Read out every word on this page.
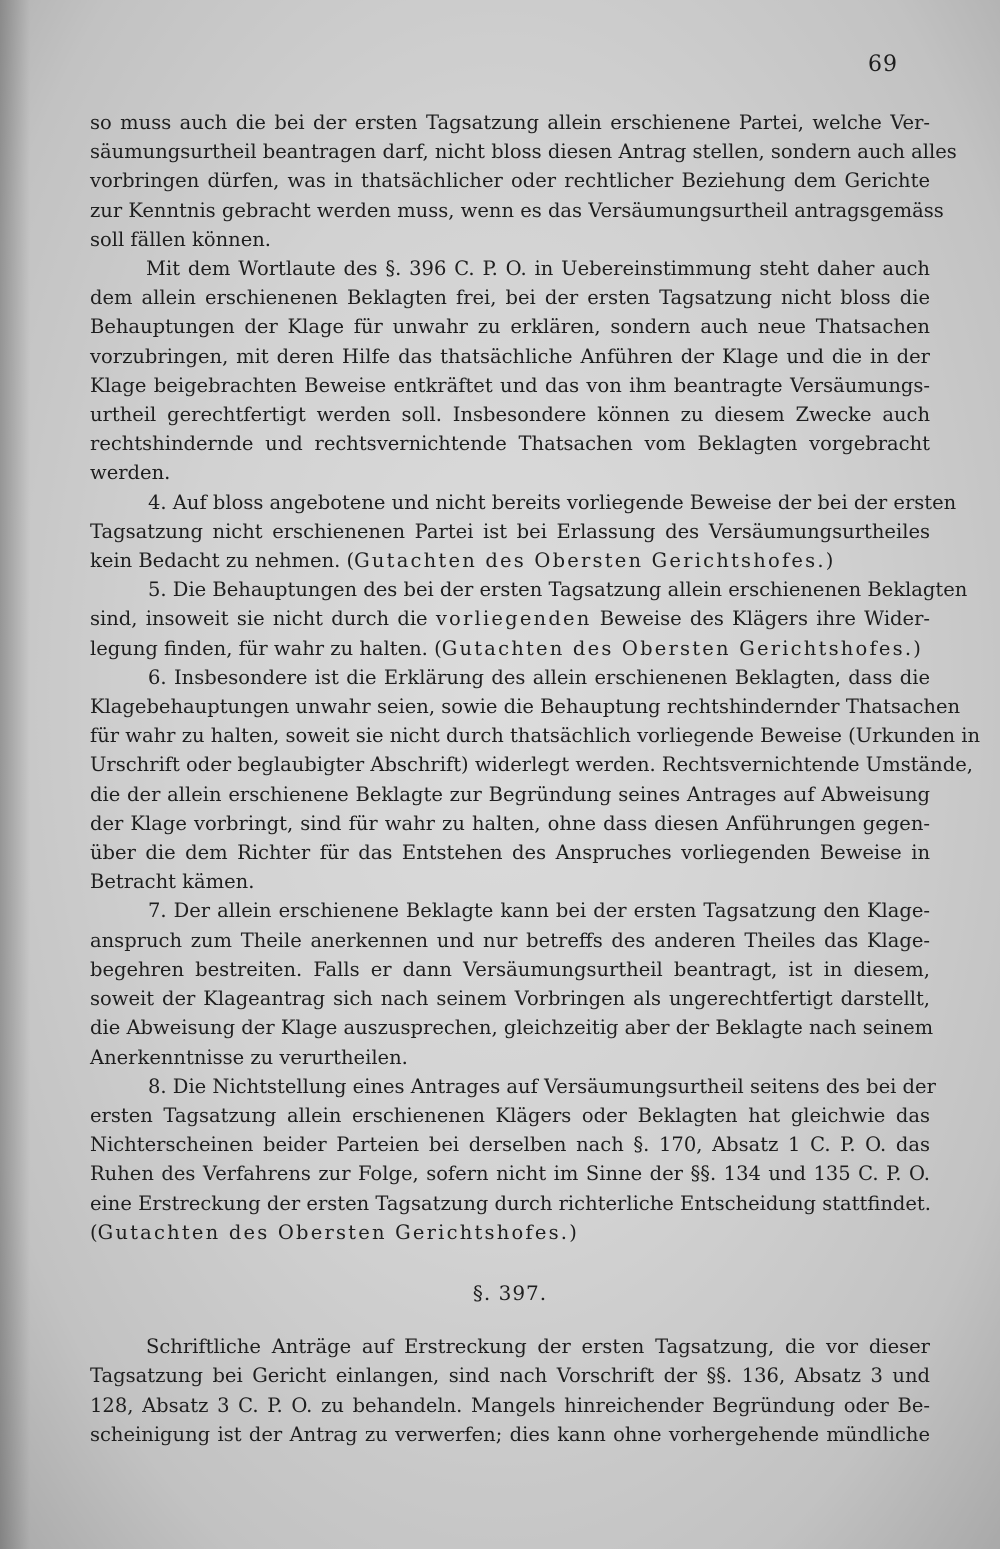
69
so muss auch die bei der ersten Tagsatzung allein erschienene Partei, welche Ver-
säumungsurtheil beantragen darf, nicht bloss diesen Antrag stellen, sondern auch alles
vorbringen dürfen, was in thatsächlicher oder rechtlicher Beziehung dem Gerichte
zur Kenntnis gebracht werden muss, wenn es das Versäumungsurtheil antragsgemäss
soll fällen können.
Mit dem Wortlaute des §. 396 C. P. O. in Uebereinstimmung steht daher auch
dem allein erschienenen Beklagten frei, bei der ersten Tagsatzung nicht bloss die
Behauptungen der Klage für unwahr zu erklären, sondern auch neue Thatsachen
vorzubringen, mit deren Hilfe das thatsächliche Anführen der Klage und die in der
Klage beigebrachten Beweise entkräftet und das von ihm beantragte Versäumungs-
urtheil gerechtfertigt werden soll. Insbesondere können zu diesem Zwecke auch
rechtshindernde und rechtsvernichtende Thatsachen vom Beklagten vorgebracht
werden.
4. Auf bloss angebotene und nicht bereits vorliegende Beweise der bei der ersten
Tagsatzung nicht erschienenen Partei ist bei Erlassung des Versäumungsurtheiles
kein Bedacht zu nehmen. (Gutachten des Obersten Gerichtshofes.)
5. Die Behauptungen des bei der ersten Tagsatzung allein erschienenen Beklagten
sind, insoweit sie nicht durch die vorliegenden Beweise des Klägers ihre Wider-
legung finden, für wahr zu halten. (Gutachten des Obersten Gerichtshofes.)
6. Insbesondere ist die Erklärung des allein erschienenen Beklagten, dass die
Klagebehauptungen unwahr seien, sowie die Behauptung rechtshindernder Thatsachen
für wahr zu halten, soweit sie nicht durch thatsächlich vorliegende Beweise (Urkunden in
Urschrift oder beglaubigter Abschrift) widerlegt werden. Rechtsvernichtende Umstände,
die der allein erschienene Beklagte zur Begründung seines Antrages auf Abweisung
der Klage vorbringt, sind für wahr zu halten, ohne dass diesen Anführungen gegen-
über die dem Richter für das Entstehen des Anspruches vorliegenden Beweise in
Betracht kämen.
7. Der allein erschienene Beklagte kann bei der ersten Tagsatzung den Klage-
anspruch zum Theile anerkennen und nur betreffs des anderen Theiles das Klage-
begehren bestreiten. Falls er dann Versäumungsurtheil beantragt, ist in diesem,
soweit der Klageantrag sich nach seinem Vorbringen als ungerechtfertigt darstellt,
die Abweisung der Klage auszusprechen, gleichzeitig aber der Beklagte nach seinem
Anerkenntnisse zu verurtheilen.
8. Die Nichtstellung eines Antrages auf Versäumungsurtheil seitens des bei der
ersten Tagsatzung allein erschienenen Klägers oder Beklagten hat gleichwie das
Nichterscheinen beider Parteien bei derselben nach §. 170, Absatz 1 C. P. O. das
Ruhen des Verfahrens zur Folge, sofern nicht im Sinne der §§. 134 und 135 C. P. O.
eine Erstreckung der ersten Tagsatzung durch richterliche Entscheidung stattfindet.
(Gutachten des Obersten Gerichtshofes.)
§. 397.
Schriftliche Anträge auf Erstreckung der ersten Tagsatzung, die vor dieser
Tagsatzung bei Gericht einlangen, sind nach Vorschrift der §§. 136, Absatz 3 und
128, Absatz 3 C. P. O. zu behandeln. Mangels hinreichender Begründung oder Be-
scheinigung ist der Antrag zu verwerfen; dies kann ohne vorhergehende mündliche
